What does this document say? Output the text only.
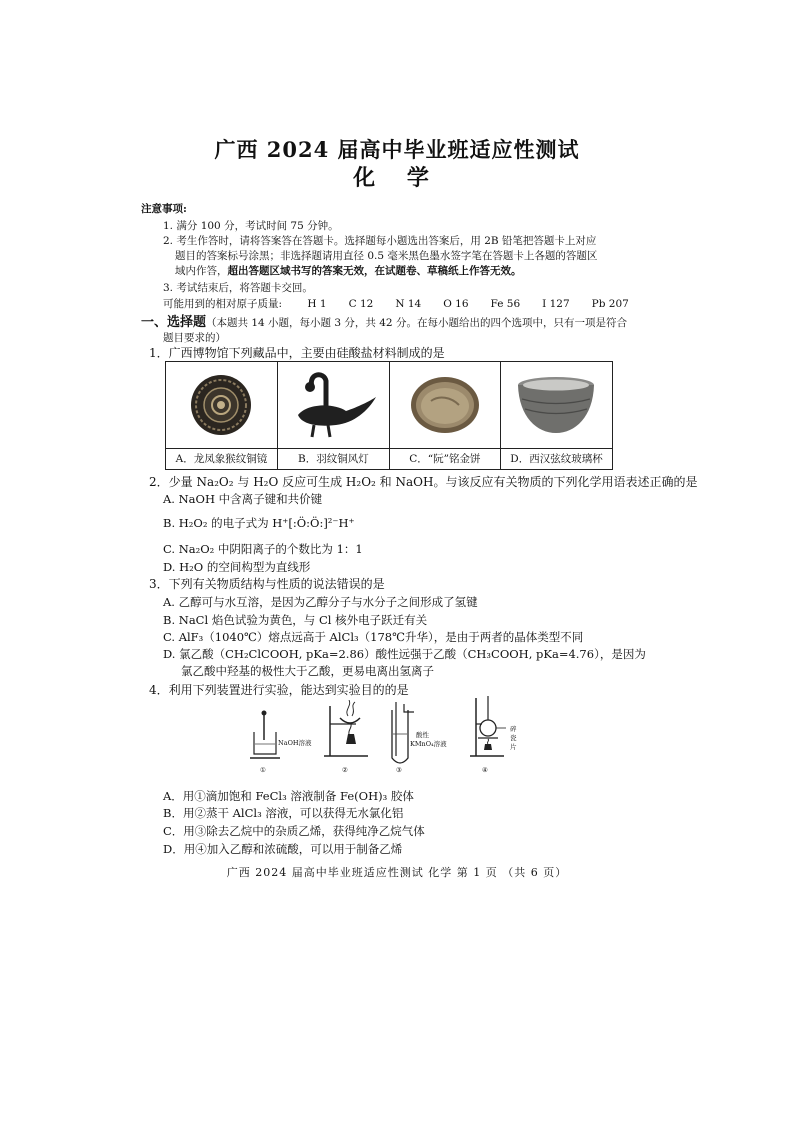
广西 2024 届高中毕业班适应性测试
化 学
注意事项:
1. 满分 100 分，考试时间 75 分钟。
2. 考生作答时，请将答案答在答题卡。选择题每小题选出答案后，用 2B 铅笔把答题卡上对应
题目的答案标号涂黑；非选择题请用直径 0.5 毫米黑色墨水签字笔在答题卡上各题的答题区
域内作答，超出答题区域书写的答案无效，在试题卷、草稿纸上作答无效。
3. 考试结束后，将答题卡交回。
可能用到的相对原子质量: H 1 C 12 N 14 O 16 Fe 56 I 127 Pb 207
一、选择题（本题共 14 小题，每小题 3 分，共 42 分。在每小题给出的四个选项中，只有一项是符合
题目要求的）
1．广西博物馆下列藏品中，主要由硅酸盐材料制成的是
A．龙凤象猴纹铜镜	B．羽纹铜风灯	C．“阮”铭金饼	D．西汉弦纹玻璃杯
2．少量 Na₂O₂ 与 H₂O 反应可生成 H₂O₂ 和 NaOH。与该反应有关物质的下列化学用语表述正确的是
A. NaOH 中含离子键和共价键
B. H₂O₂ 的电子式为 H⁺[:Ö:Ö:]²⁻H⁺
C. Na₂O₂ 中阴阳离子的个数比为 1：1
D. H₂O 的空间构型为直线形
3．下列有关物质结构与性质的说法错误的是
A. 乙醇可与水互溶，是因为乙醇分子与水分子之间形成了氢键
B. NaCl 焰色试验为黄色，与 Cl 核外电子跃迁有关
C. AlF₃（1040℃）熔点远高于 AlCl₃（178℃升华），是由于两者的晶体类型不同
D. 氯乙酸（CH₂ClCOOH, pKa=2.86）酸性远强于乙酸（CH₃COOH, pKa=4.76），是因为
氯乙酸中羟基的极性大于乙酸，更易电离出氢离子
4．利用下列装置进行实验，能达到实验目的的是
NaOH溶液
①	②
酸性
KMnO₄溶液
③
碎瓷片
④
A．用①滴加饱和 FeCl₃ 溶液制备 Fe(OH)₃ 胶体
B．用②蒸干 AlCl₃ 溶液，可以获得无水氯化铝
C．用③除去乙烷中的杂质乙烯，获得纯净乙烷气体
D．用④加入乙醇和浓硫酸，可以用于制备乙烯
广西 2024 届高中毕业班适应性测试 化学 第 1 页 （共 6 页）
